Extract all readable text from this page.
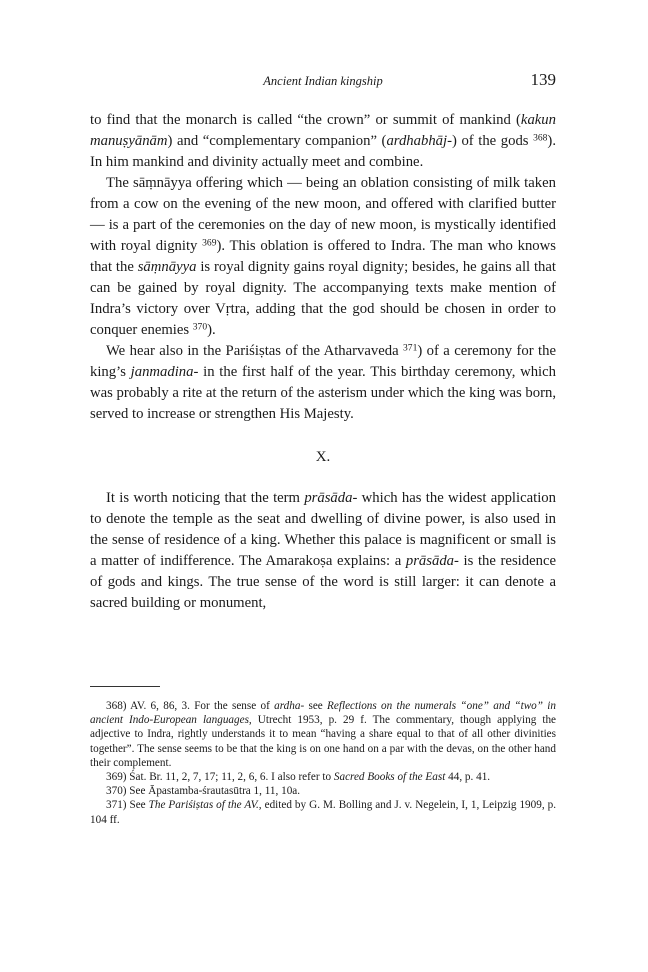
Ancient Indian kingship	139

to find that the monarch is called “the crown” or summit of mankind (kakun manuṣyānām) and “complementary companion” (ardhabhāj-) of the gods $^{368}$). In him mankind and divinity actually meet and combine.

The sāṃnāyya offering which — being an oblation consisting of milk taken from a cow on the evening of the new moon, and offered with clarified butter — is a part of the ceremonies on the day of new moon, is mystically identified with royal dignity $^{369}$). This oblation is offered to Indra. The man who knows that the sāṃnāyya is royal dignity gains royal dignity; besides, he gains all that can be gained by royal dignity. The accompanying texts make mention of Indra’s victory over Vṛtra, adding that the god should be chosen in order to conquer enemies $^{370}$).

We hear also in the Pariśiṣtas of the Atharvaveda $^{371}$) of a ceremony for the king’s janmadina- in the first half of the year. This birthday ceremony, which was probably a rite at the return of the asterism under which the king was born, served to increase or strengthen His Majesty.

X.

It is worth noticing that the term prāsāda- which has the widest application to denote the temple as the seat and dwelling of divine power, is also used in the sense of residence of a king. Whether this palace is magnificent or small is a matter of indifference. The Amarakoṣa explains: a prāsāda- is the residence of gods and kings. The true sense of the word is still larger: it can denote a sacred building or monument,

368) AV. 6, 86, 3. For the sense of ardha- see Reflections on the numerals “one” and “two” in ancient Indo-European languages, Utrecht 1953, p. 29 f. The commentary, though applying the adjective to Indra, rightly understands it to mean “having a share equal to that of all other divinities together”. The sense seems to be that the king is on one hand on a par with the devas, on the other hand their complement.

369) Śat. Br. 11, 2, 7, 17; 11, 2, 6, 6. I also refer to Sacred Books of the East 44, p. 41.

370) See Āpastamba-śrautasūtra 1, 11, 10a.

371) See The Pariśiṣtas of the AV., edited by G. M. Bolling and J. v. Negelein, I, 1, Leipzig 1909, p. 104 ff.
